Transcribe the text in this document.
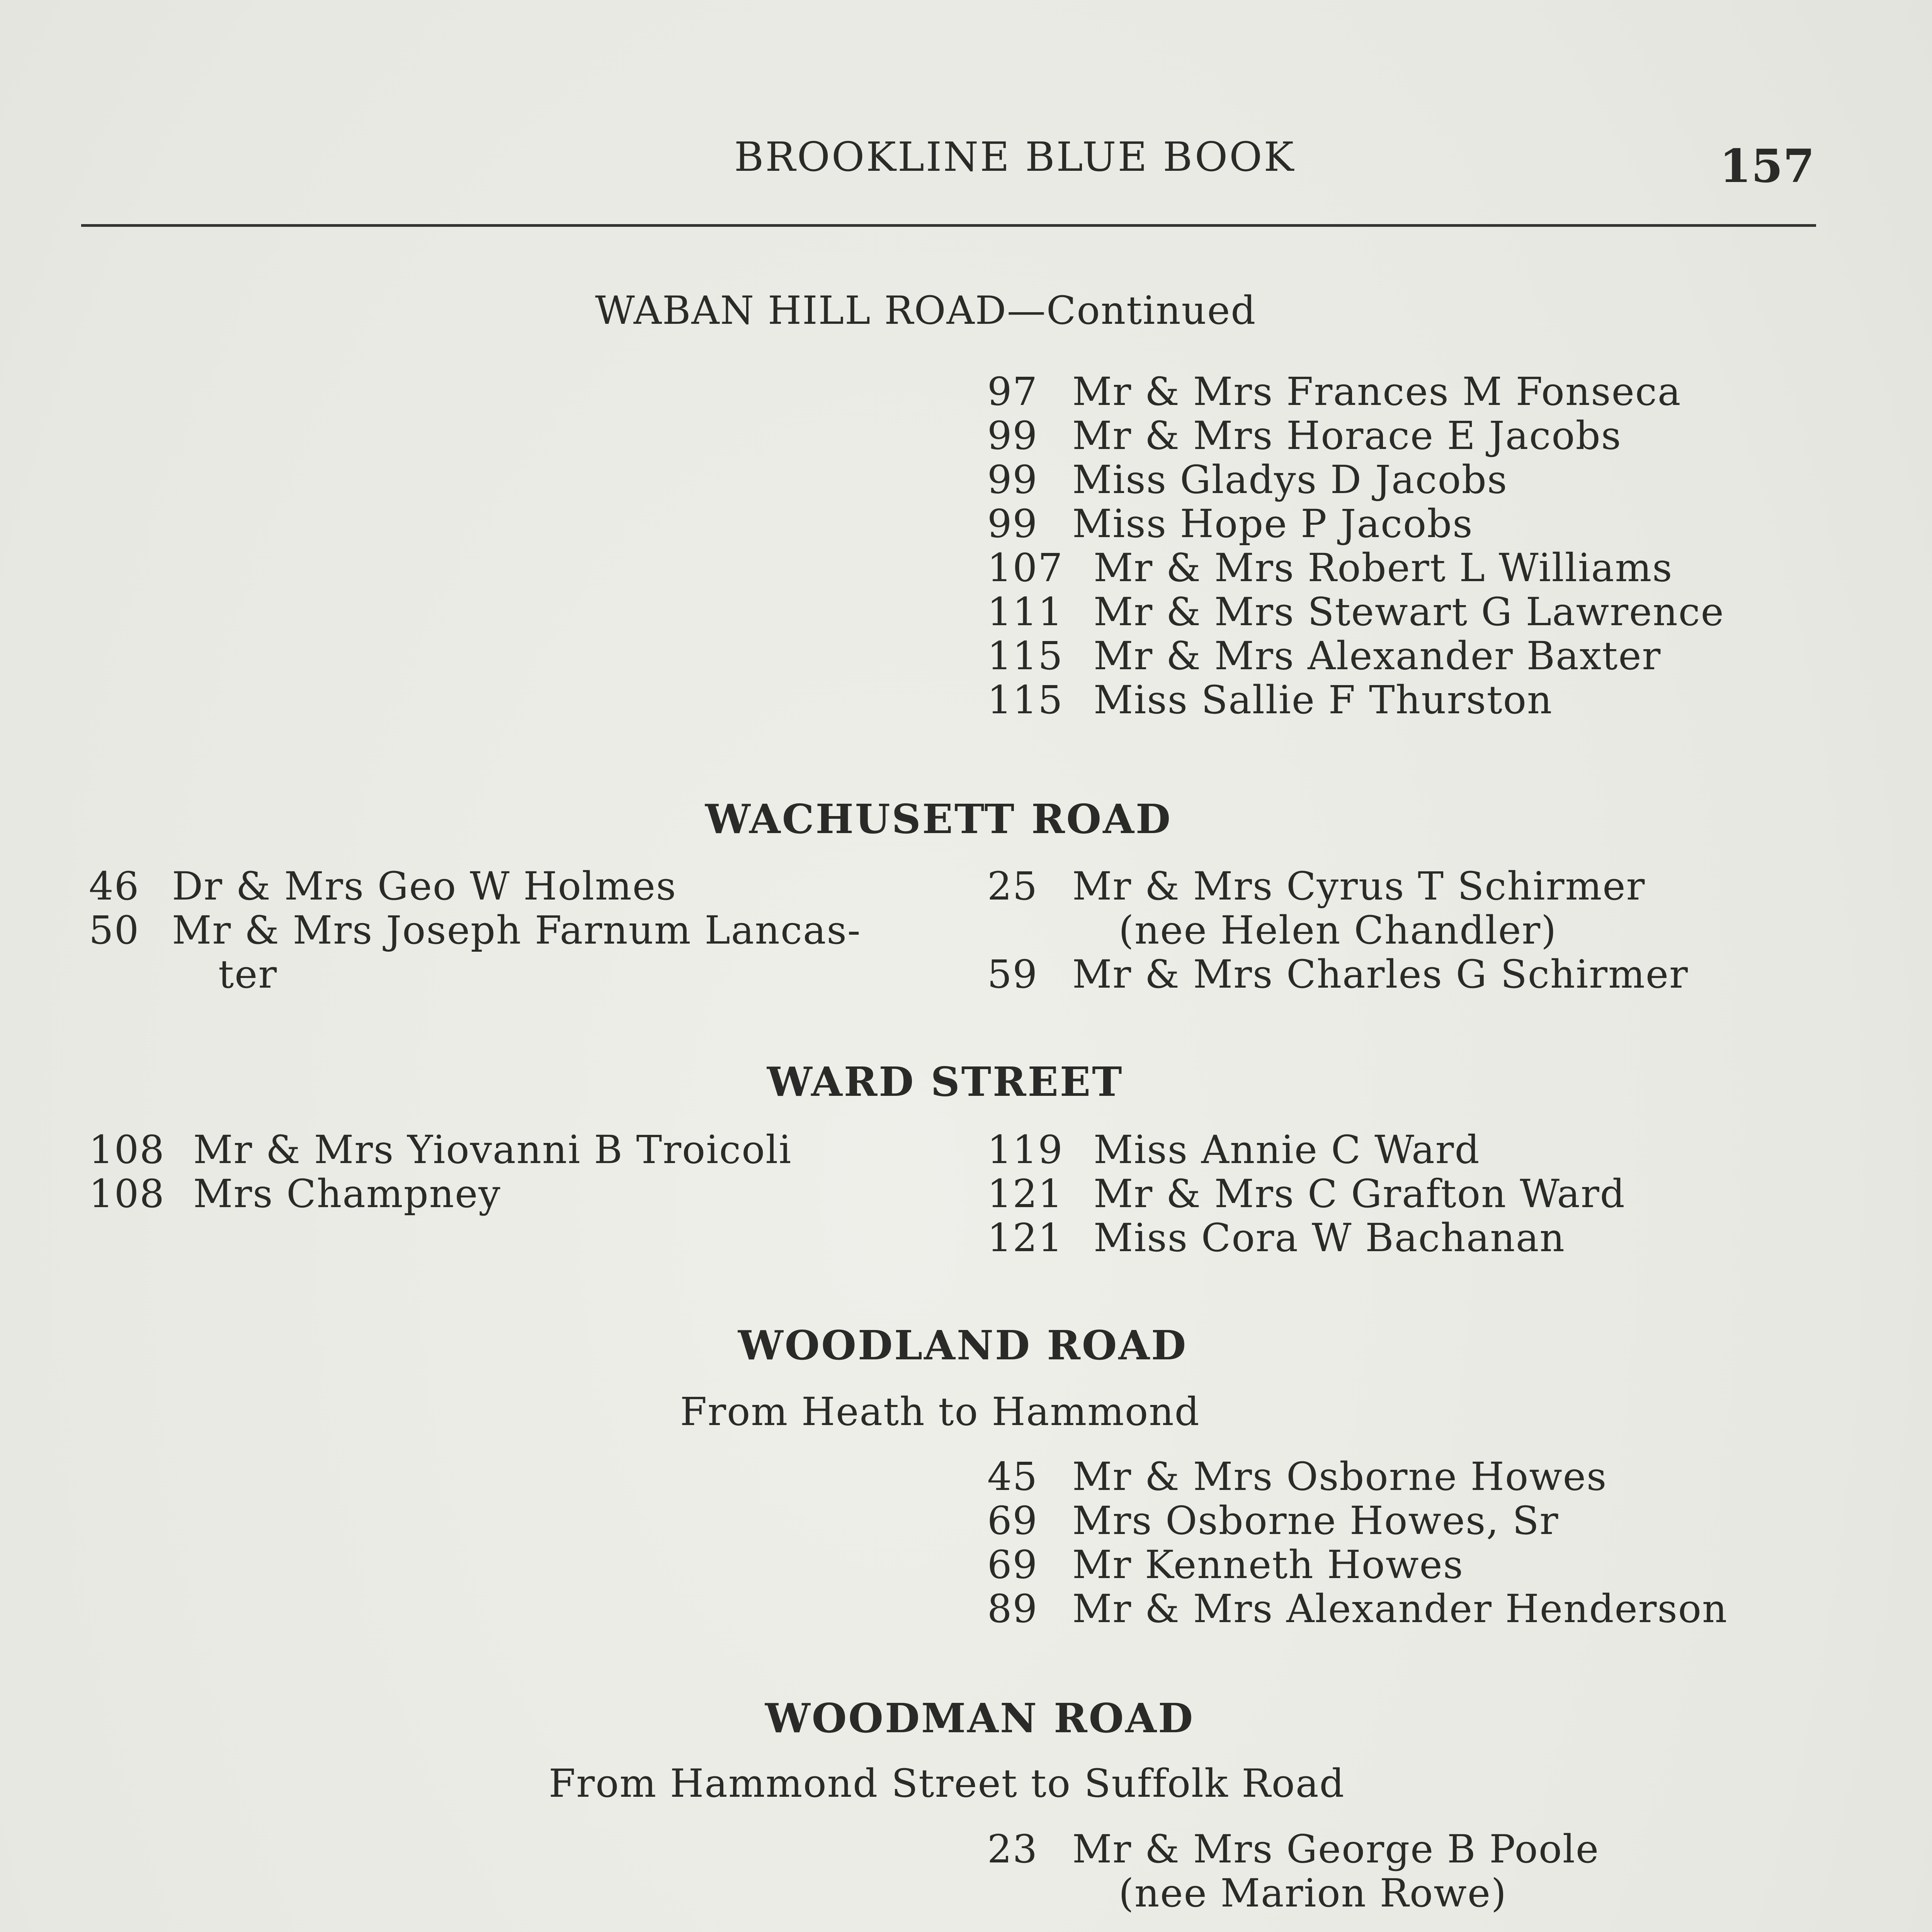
BROOKLINE BLUE BOOK	157
WABAN HILL ROAD—Continued
97 Mr & Mrs Frances M Fonseca
99 Mr & Mrs Horace E Jacobs
99 Miss Gladys D Jacobs
99 Miss Hope P Jacobs
107 Mr & Mrs Robert L Williams
111 Mr & Mrs Stewart G Lawrence
115 Mr & Mrs Alexander Baxter
115 Miss Sallie F Thurston
WACHUSETT ROAD
46 Dr & Mrs Geo W Holmes
50 Mr & Mrs Joseph Farnum Lancas-
ter
25 Mr & Mrs Cyrus T Schirmer
(nee Helen Chandler)
59 Mr & Mrs Charles G Schirmer
WARD STREET
108 Mr & Mrs Yiovanni B Troicoli
108 Mrs Champney
119 Miss Annie C Ward
121 Mr & Mrs C Grafton Ward
121 Miss Cora W Bachanan
WOODLAND ROAD
From Heath to Hammond
45 Mr & Mrs Osborne Howes
69 Mrs Osborne Howes, Sr
69 Mr Kenneth Howes
89 Mr & Mrs Alexander Henderson
WOODMAN ROAD
From Hammond Street to Suffolk Road
23 Mr & Mrs George B Poole
(nee Marion Rowe)
